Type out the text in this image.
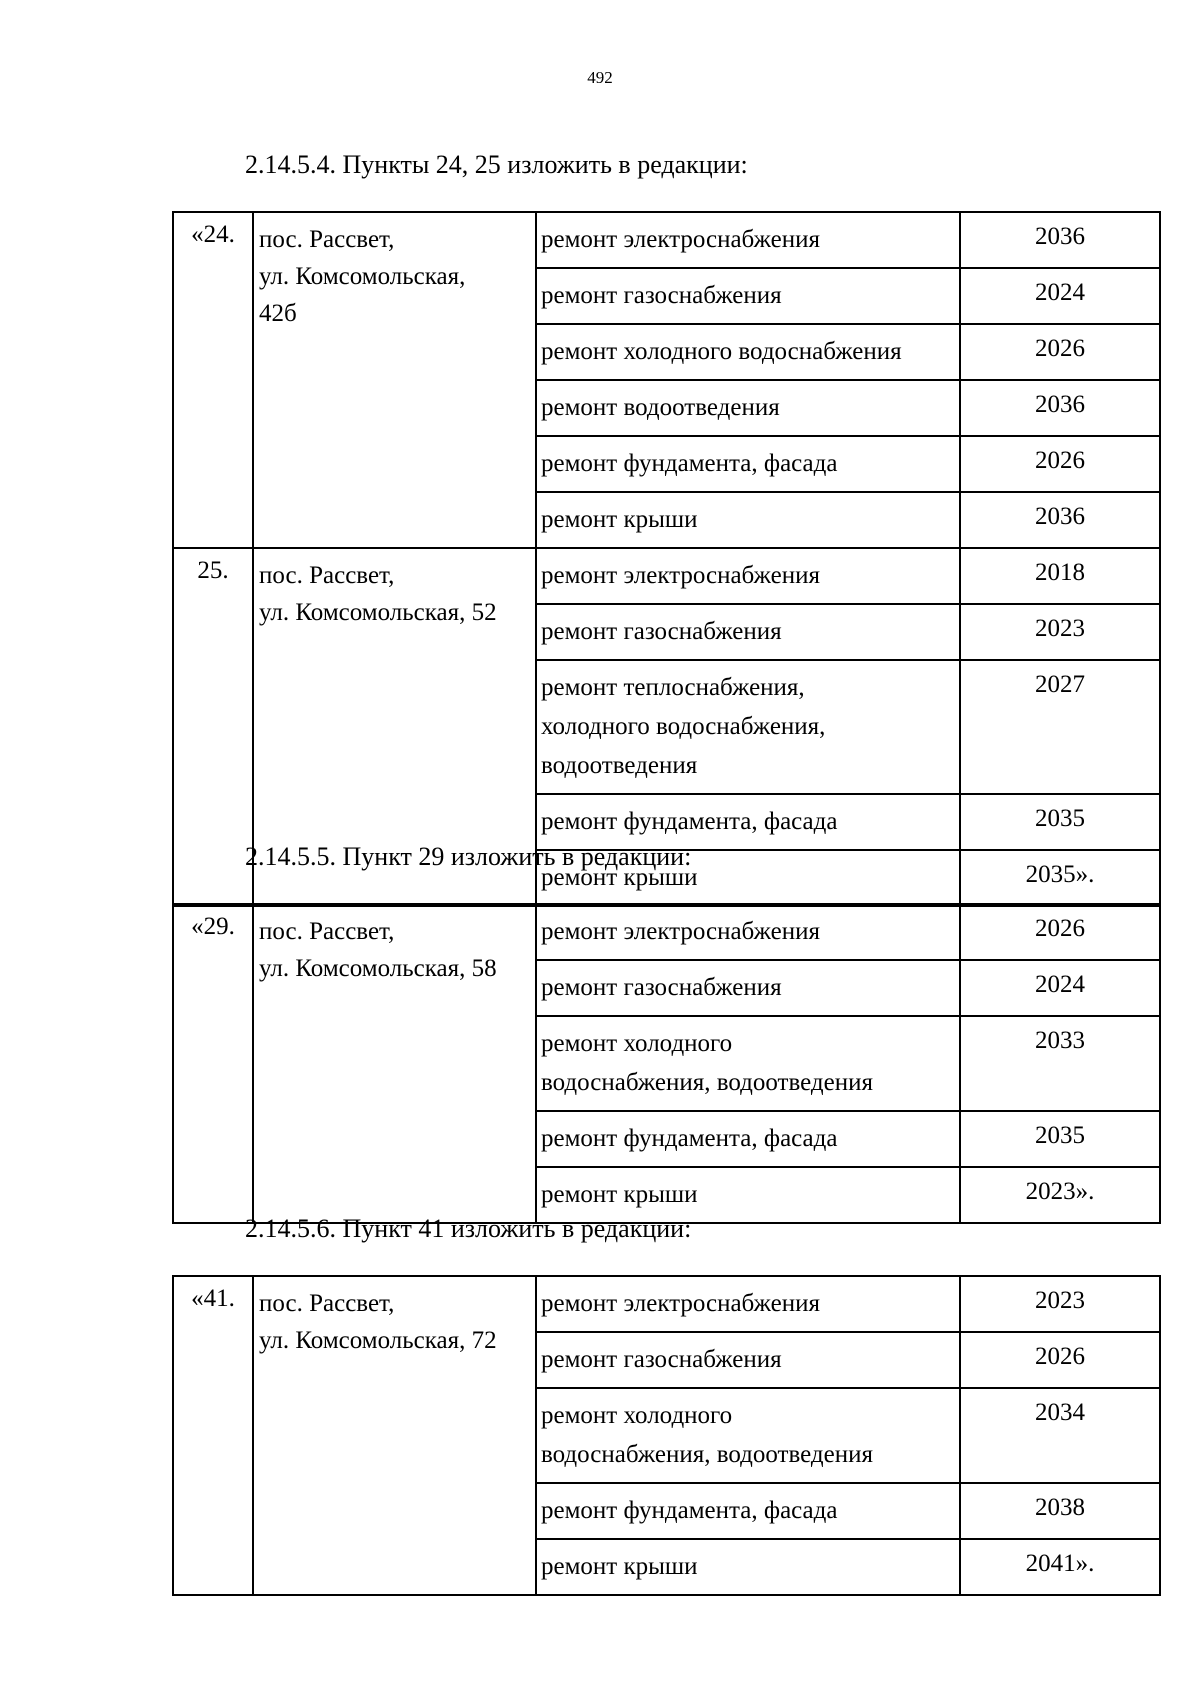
492
2.14.5.4. Пункты 24, 25 изложить в редакции:
«24.	пос. Рассвет,
ул. Комсомольская,
42б	ремонт электроснабжения	2036
		ремонт газоснабжения	2024
		ремонт холодного водоснабжения	2026
		ремонт водоотведения	2036
		ремонт фундамента, фасада	2026
		ремонт крыши	2036
25.	пос. Рассвет,
ул. Комсомольская, 52	ремонт электроснабжения	2018
		ремонт газоснабжения	2023

		ремонт теплоснабжения,
холодного водоснабжения,
водоотведения	2027
		ремонт фундамента, фасада	2035
		ремонт крыши	2035».
2.14.5.5. Пункт 29 изложить в редакции:
«29.	пос. Рассвет,
ул. Комсомольская, 58	ремонт электроснабжения	2026
		ремонт газоснабжения	2024

		ремонт холодного
водоснабжения, водоотведения	2033
		ремонт фундамента, фасада	2035
		ремонт крыши	2023».
2.14.5.6. Пункт 41 изложить в редакции:
«41.	пос. Рассвет,
ул. Комсомольская, 72	ремонт электроснабжения	2023
		ремонт газоснабжения	2026

		ремонт холодного
водоснабжения, водоотведения	2034
		ремонт фундамента, фасада	2038
		ремонт крыши	2041».
